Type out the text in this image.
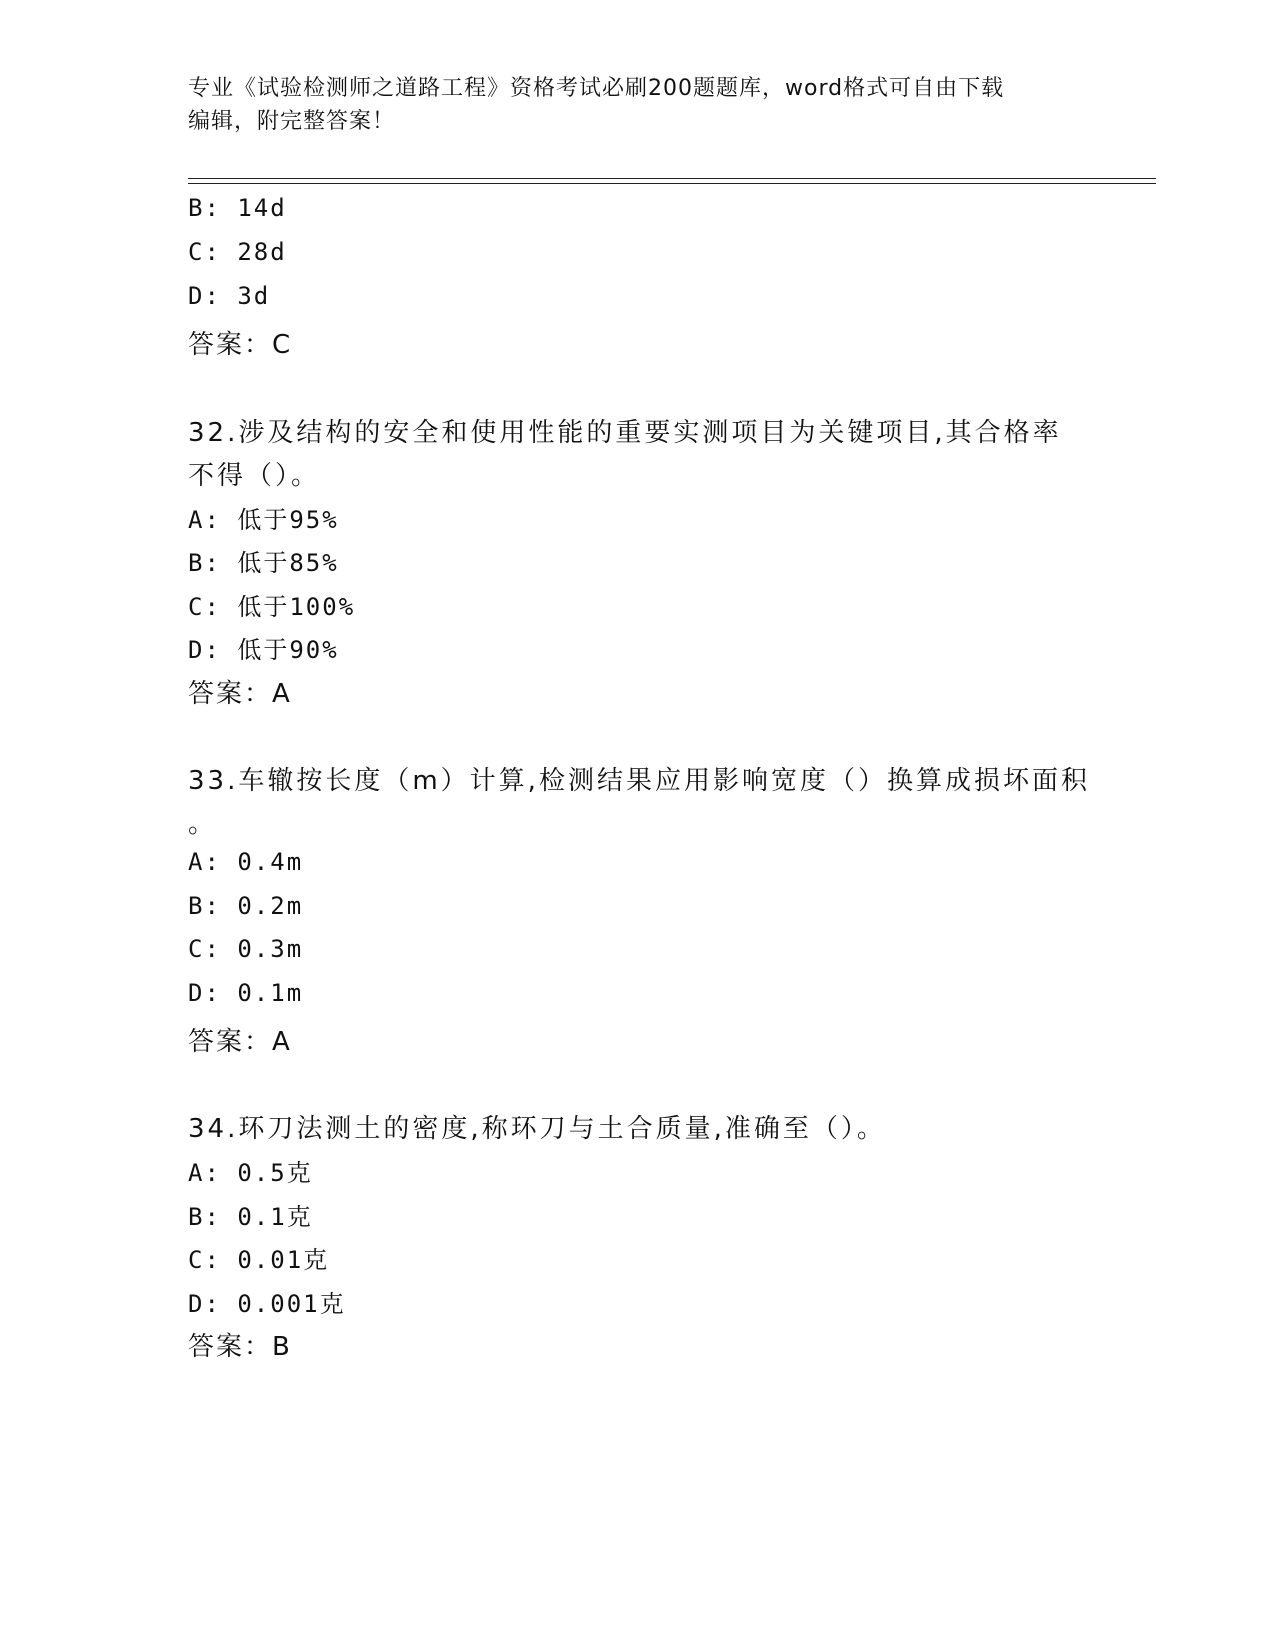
专业《试验检测师之道路工程》资格考试必刷200题题库，word格式可自由下载
编辑，附完整答案！
B: 14d
C: 28d
D: 3d
答案：C
32.涉及结构的安全和使用性能的重要实测项目为关键项目,其合格率
不得（）。
A: 低于95%
B: 低于85%
C: 低于100%
D: 低于90%
答案：A
33.车辙按长度（m）计算,检测结果应用影响宽度（）换算成损坏面积
。
A: 0.4m
B: 0.2m
C: 0.3m
D: 0.1m
答案：A
34.环刀法测土的密度,称环刀与土合质量,准确至（）。
A: 0.5克
B: 0.1克
C: 0.01克
D: 0.001克
答案：B
